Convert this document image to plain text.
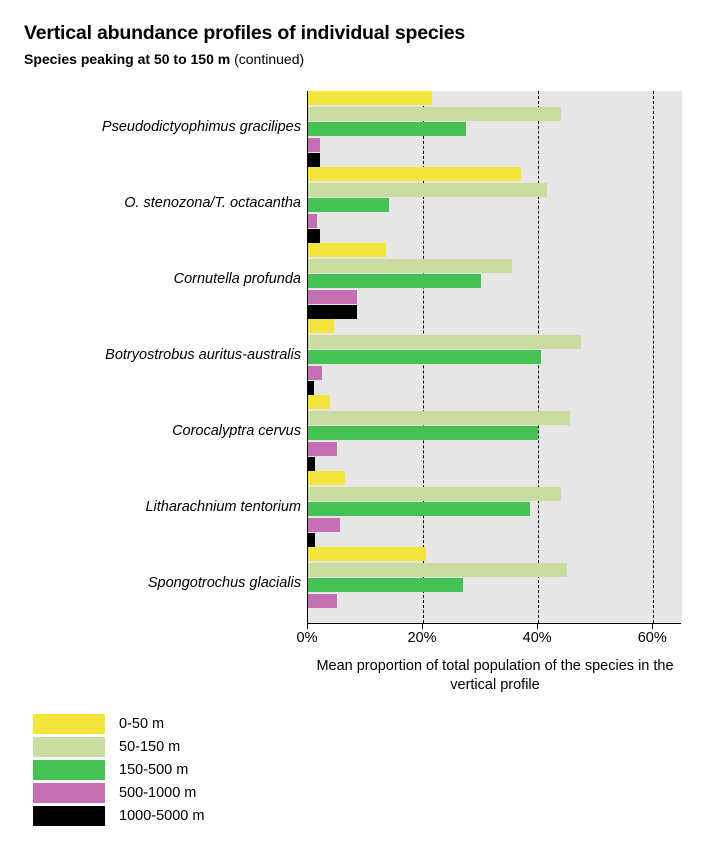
Vertical abundance profiles of individual species
Species peaking at 50 to 150 m (continued)
Pseudodictyophimus gracilipes
O. stenozona/T. octacantha
Cornutella profunda
Botryostrobus auritus-australis
Corocalyptra cervus
Litharachnium tentorium
Spongotrochus glacialis
0%	20%	40%	60%
Mean proportion of total population of the species in the vertical profile
0-50 m
50-150 m
150-500 m
500-1000 m
1000-5000 m
